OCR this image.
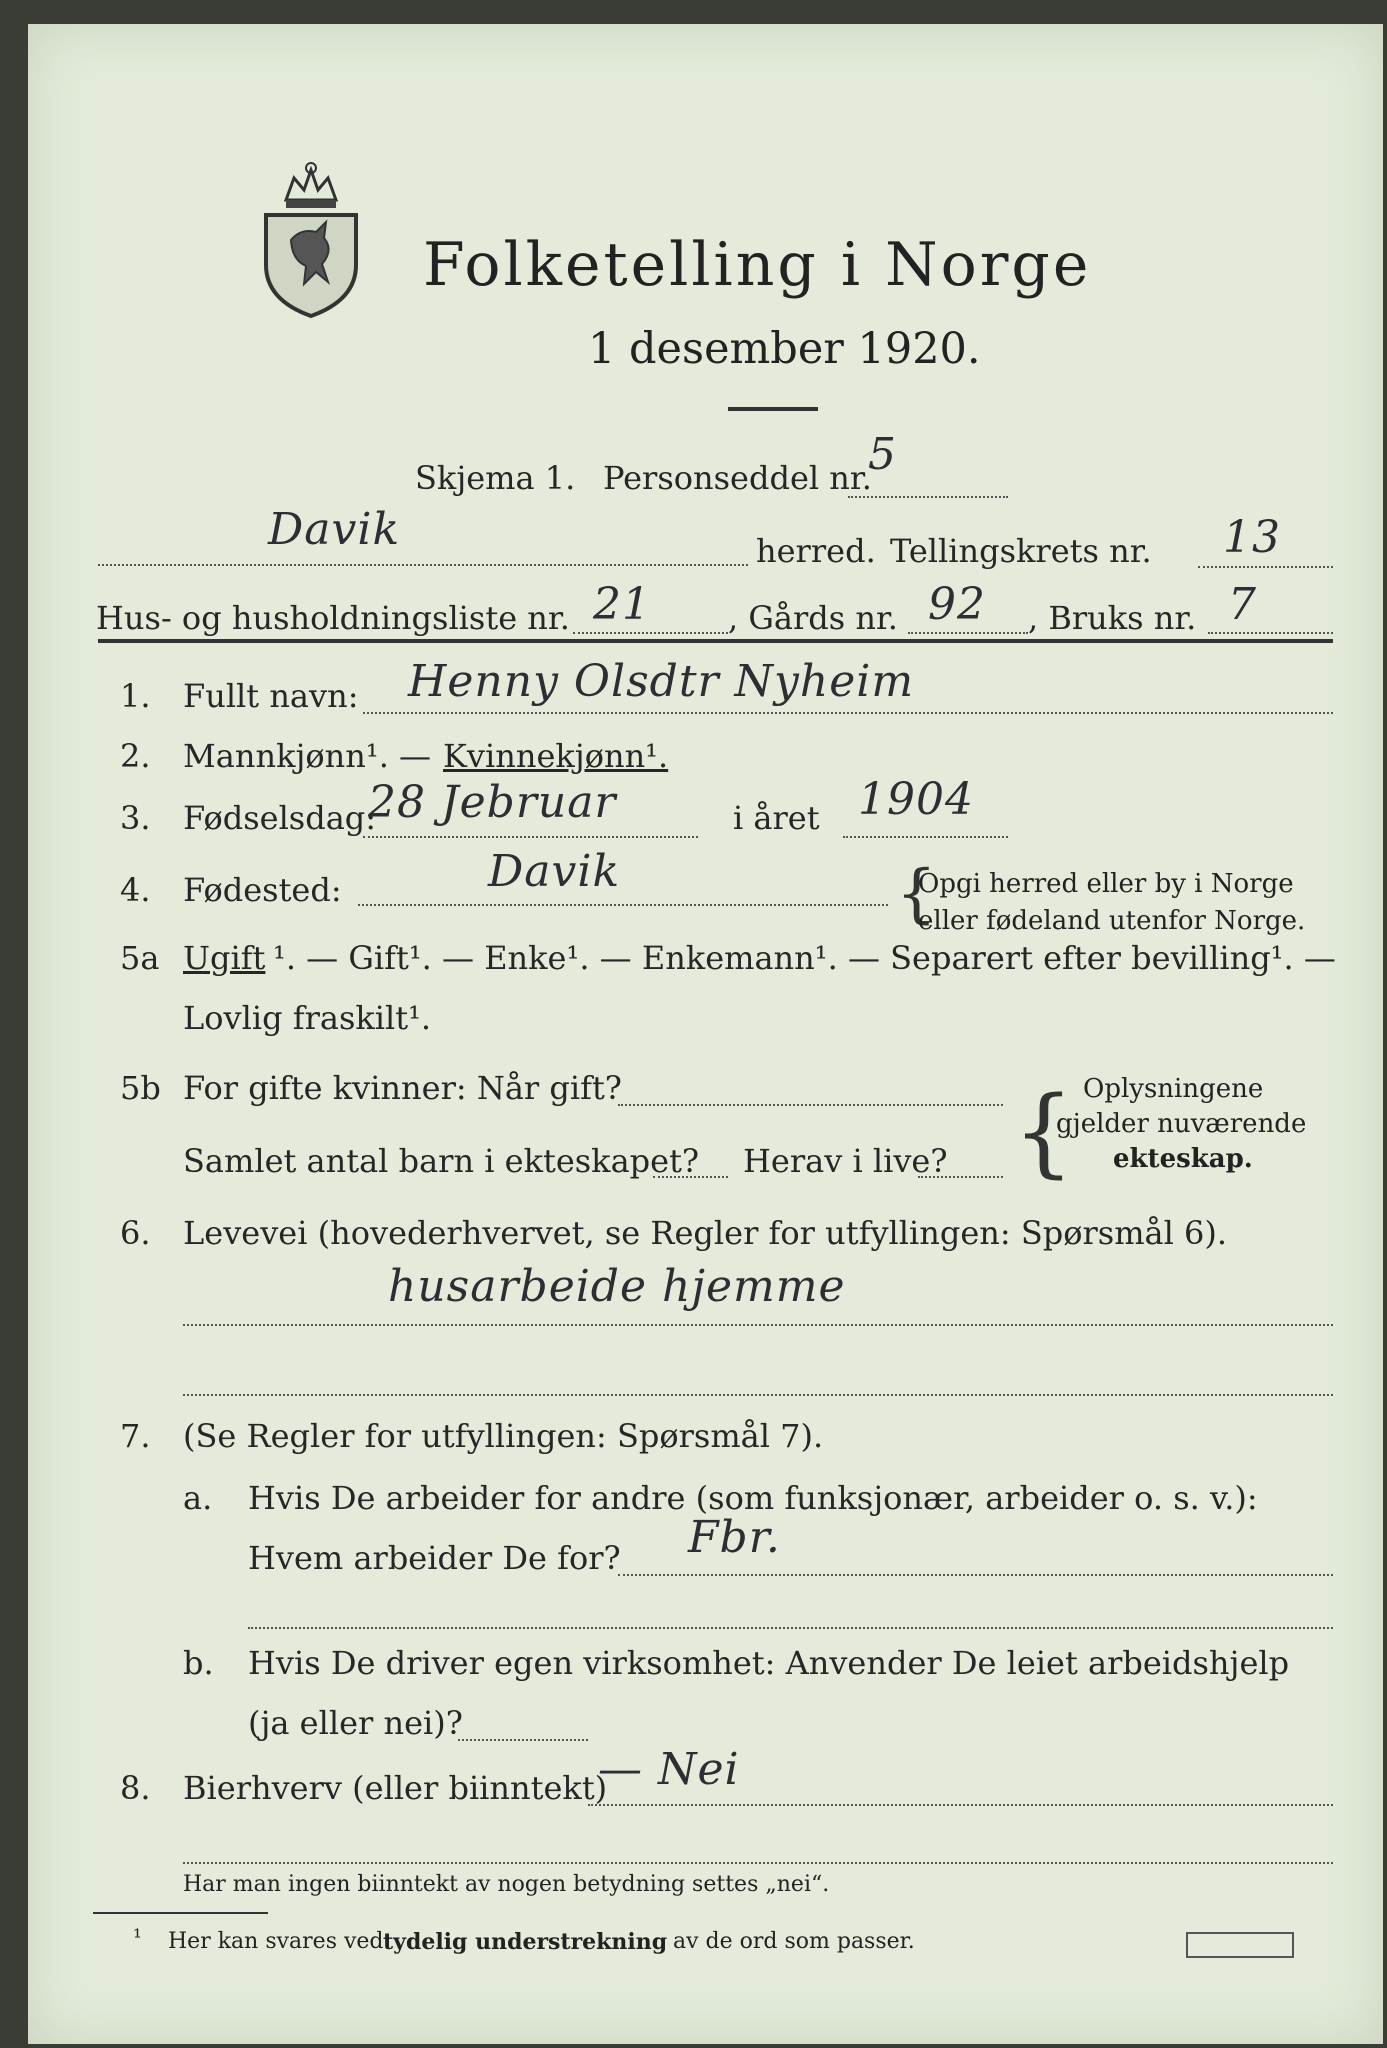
Folketelling i Norge
1 desember 1920.
Skjema 1. Personseddel nr.
5
Davik	herred. Tellingskrets nr. 13
Hus- og husholdningsliste nr. 21 , Gårds nr. 92 , Bruks nr. 7
1. Fullt navn: Henny Olsdtr Nyheim
2. Mannkjønn¹. — Kvinnekjønn¹.
3. Fødselsdag:
28 Jebruar	i året 1904
4. Fødested:	Davik	{
Opgi herred eller by i Norge
eller fødeland utenfor Norge.
5a Ugift ¹. — Gift¹. — Enke¹. — Enkemann¹. — Separert efter bevilling¹. —
Lovlig fraskilt¹.
5b For gifte kvinner: Når gift?
Samlet antal barn i ekteskapet? Herav i live? { Oplysningene
gjelder nuværende
ekteskap.
6. Levevei (hovederhvervet, se Regler for utfyllingen: Spørsmål 6).
husarbeide hjemme
7. (Se Regler for utfyllingen: Spørsmål 7).
a. Hvis De arbeider for andre (som funksjonær, arbeider o. s. v.):
Hvem arbeider De for? Fbr.
b. Hvis De driver egen virksomhet: Anvender De leiet arbeidshjelp
(ja eller nei)?
8. Bierhverv (eller biinntekt)
— Nei
Har man ingen biinntekt av nogen betydning settes „nei“.
¹ Her kan svares ved tydelig understrekning av de ord som passer.
